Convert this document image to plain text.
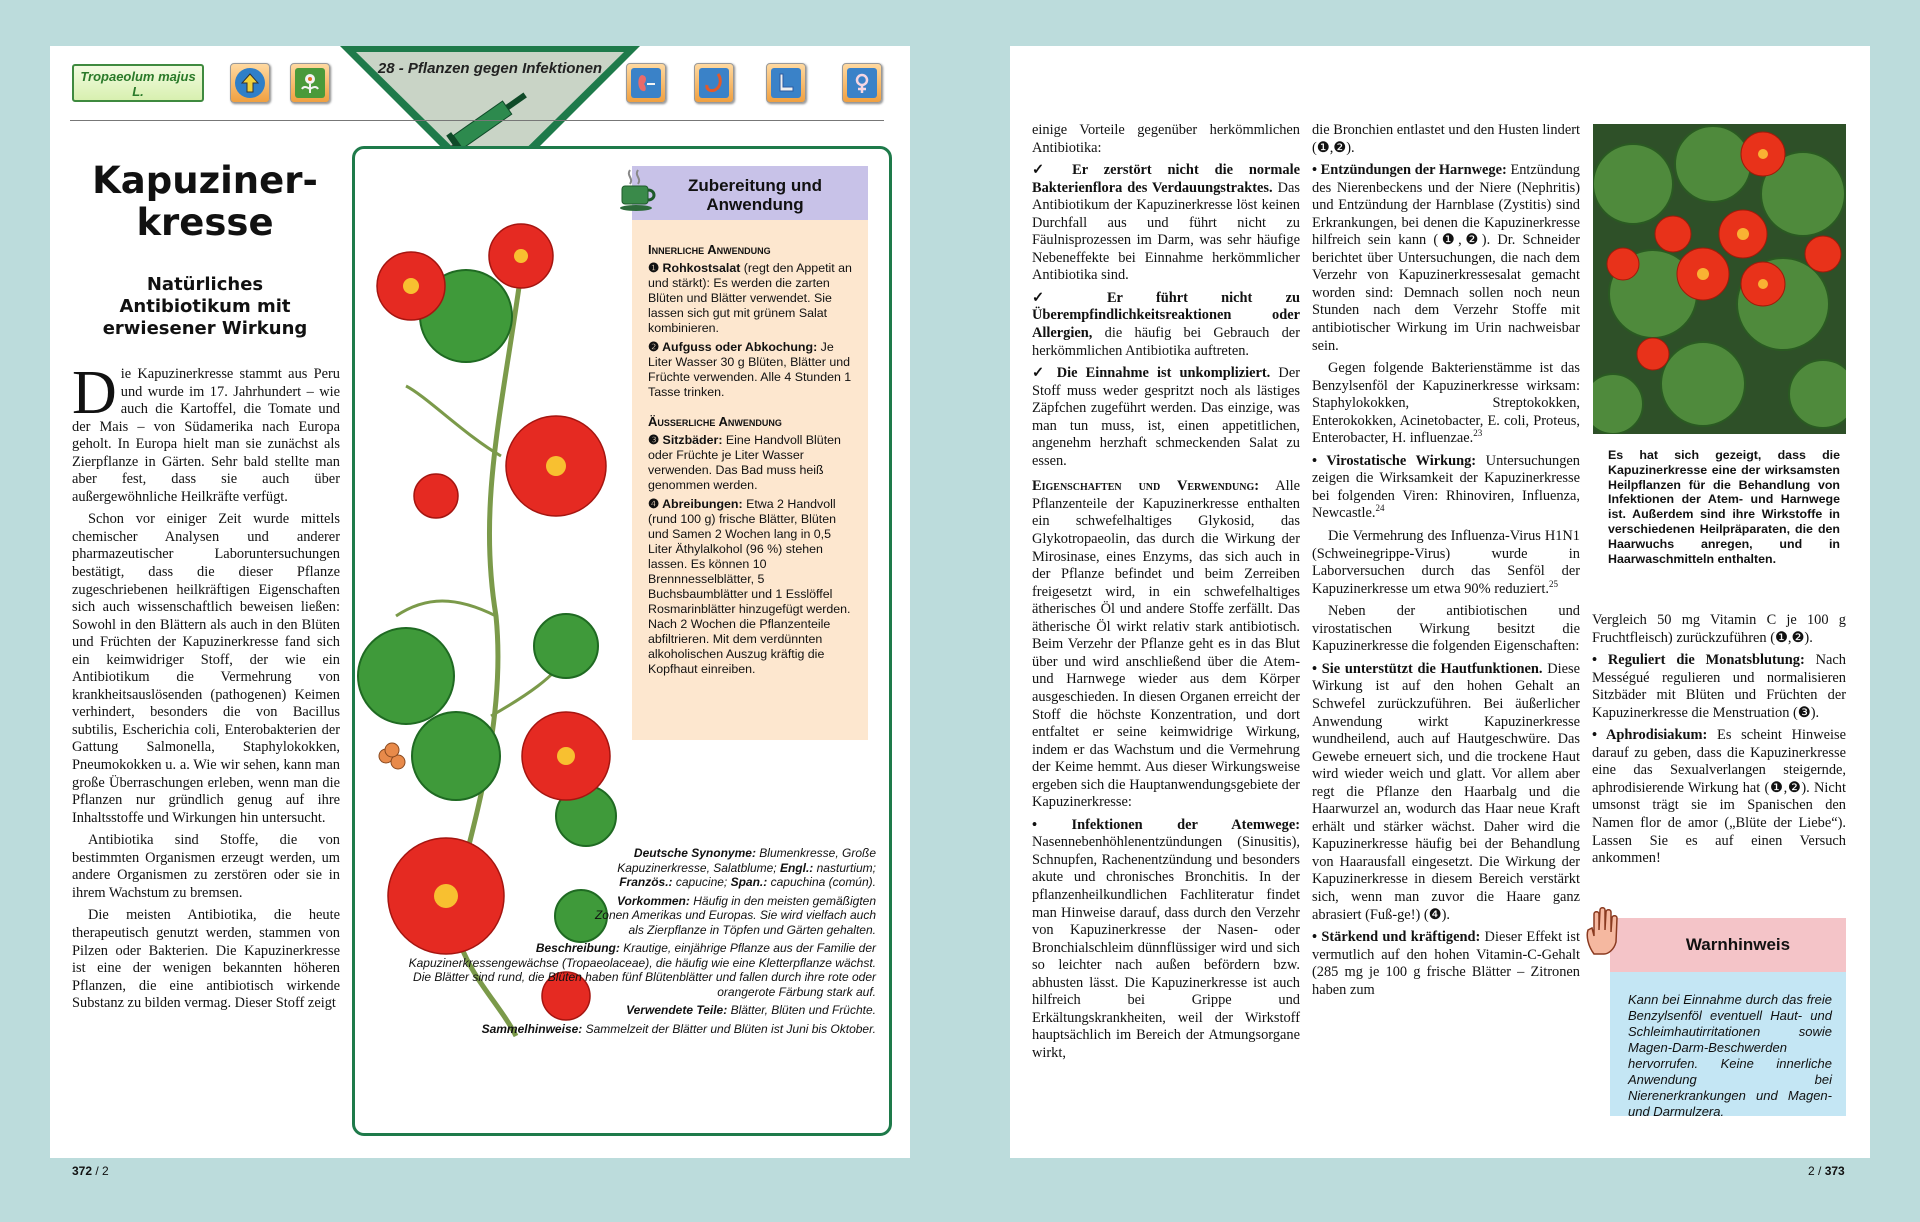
Tropaeolum majus L.
28 - Pflanzen gegen Infektionen
Kapuziner-kresse
Natürliches Antibiotikum mit erwiesener Wirkung

Die Kapuzinerkresse stammt aus Peru und wurde im 17. Jahrhundert – wie auch die Kartoffel, die Tomate und der Mais – von Südamerika nach Europa geholt. In Europa hielt man sie zunächst als Zierpflanze in Gärten. Sehr bald stellte man aber fest, dass sie auch über außergewöhnliche Heilkräfte verfügt.

Schon vor einiger Zeit wurde mittels chemischer Analysen und anderer pharmazeutischer Laboruntersuchungen bestätigt, dass die dieser Pflanze zugeschriebenen heilkräftigen Eigenschaften sich auch wissenschaftlich beweisen ließen: Sowohl in den Blättern als auch in den Blüten und Früchten der Kapuzinerkresse fand sich ein keimwidriger Stoff, der wie ein Antibiotikum die Vermehrung von krankheitsauslösenden (pathogenen) Keimen verhindert, besonders die von Bacillus subtilis, Escherichia coli, Enterobakterien der Gattung Salmonella, Staphylokokken, Pneumokokken u. a. Wie wir sehen, kann man große Überraschungen erleben, wenn man die Pflanzen nur gründlich genug auf ihre Inhaltsstoffe und Wirkungen hin untersucht.

Antibiotika sind Stoffe, die von bestimmten Organismen erzeugt werden, um andere Organismen zu zerstören oder sie in ihrem Wachstum zu bremsen.

Die meisten Antibiotika, die heute therapeutisch genutzt werden, stammen von Pilzen oder Bakterien. Die Kapuzinerkresse ist eine der wenigen bekannten höheren Pflanzen, die eine antibiotisch wirkende Substanz zu bilden vermag. Dieser Stoff zeigt

Zubereitung und Anwendung
Innerliche Anwendung
❶ Rohkostsalat (regt den Appetit an und stärkt): Es werden die zarten Blüten und Blätter verwendet. Sie lassen sich gut mit grünem Salat kombinieren.
❷ Aufguss oder Abkochung: Je Liter Wasser 30 g Blüten, Blätter und Früchte verwenden. Alle 4 Stunden 1 Tasse trinken.
Äusserliche Anwendung
❸ Sitzbäder: Eine Handvoll Blüten oder Früchte je Liter Wasser verwenden. Das Bad muss heiß genommen werden.
❹ Abreibungen: Etwa 2 Handvoll (rund 100 g) frische Blätter, Blüten und Samen 2 Wochen lang in 0,5 Liter Äthylalkohol (96 %) stehen lassen. Es können 10 Brennnesselblätter, 5 Buchsbaumblätter und 1 Esslöffel Rosmarinblätter hinzugefügt werden. Nach 2 Wochen die Pflanzenteile abfiltrieren. Mit dem verdünnten alkoholischen Auszug kräftig die Kopfhaut einreiben.
Deutsche Synonyme: Blumenkresse, Große Kapuzinerkresse, Salatblume; Engl.: nasturtium; Französ.: capucine; Span.: capuchina (común).
Vorkommen: Häufig in den meisten gemäßigten Zonen Amerikas und Europas. Sie wird vielfach auch als Zierpflanze in Töpfen und Gärten gehalten.
Beschreibung: Krautige, einjährige Pflanze aus der Familie der Kapuzinerkressengewächse (Tropaeolaceae), die häufig wie eine Kletterpflanze wächst. Die Blätter sind rund, die Blüten haben fünf Blütenblätter und fallen durch ihre rote oder orangerote Färbung stark auf.
Verwendete Teile: Blätter, Blüten und Früchte.
Sammelhinweise: Sammelzeit der Blätter und Blüten ist Juni bis Oktober.
372 / 2

einige Vorteile gegenüber herkömmlichen Antibiotika:

✓ Er zerstört nicht die normale Bakterienflora des Verdauungstraktes. Das Antibiotikum der Kapuzinerkresse löst keinen Durchfall aus und führt nicht zu Fäulnisprozessen im Darm, was sehr häufige Nebeneffekte bei Einnahme herkömmlicher Antibiotika sind.

✓ Er führt nicht zu Überempfindlichkeitsreaktionen oder Allergien, die häufig bei Gebrauch der herkömmlichen Antibiotika auftreten.

✓ Die Einnahme ist unkompliziert. Der Stoff muss weder gespritzt noch als lästiges Zäpfchen zugeführt werden. Das einzige, was man tun muss, ist, einen appetitlichen, angenehm herzhaft schmeckenden Salat zu essen.

Eigenschaften und Verwendung: Alle Pflanzenteile der Kapuzinerkresse enthalten ein schwefelhaltiges Glykosid, das Glykotropaeolin, das durch die Wirkung der Mirosinase, eines Enzyms, das sich auch in der Pflanze befindet und beim Zerreiben freigesetzt wird, in ein schwefelhaltiges ätherisches Öl und andere Stoffe zerfällt. Das ätherische Öl wirkt relativ stark antibiotisch. Beim Verzehr der Pflanze geht es in das Blut über und wird anschließend über die Atem- und Harnwege wieder aus dem Körper ausgeschieden. In diesen Organen erreicht der Stoff die höchste Konzentration, und dort entfaltet er seine keimwidrige Wirkung, indem er das Wachstum und die Vermehrung der Keime hemmt. Aus dieser Wirkungsweise ergeben sich die Hauptanwendungsgebiete der Kapuzinerkresse:

• Infektionen der Atemwege: Nasennebenhöhlenentzündungen (Sinusitis), Schnupfen, Rachenentzündung und besonders akute und chronisches Bronchitis. In der pflanzenheilkundlichen Fachliteratur findet man Hinweise darauf, dass durch den Verzehr von Kapuzinerkresse der Nasen- oder Bronchialschleim dünnflüssiger wird und sich so leichter nach außen befördern bzw. abhusten lässt. Die Kapuzinerkresse ist auch hilfreich bei Grippe und Erkältungskrankheiten, weil der Wirkstoff hauptsächlich im Bereich der Atmungsorgane wirkt,

die Bronchien entlastet und den Husten lindert (❶,❷).

• Entzündungen der Harnwege: Entzündung des Nierenbeckens und der Niere (Nephritis) und Entzündung der Harnblase (Zystitis) sind Erkrankungen, bei denen die Kapuzinerkresse hilfreich sein kann (❶,❷). Dr. Schneider berichtet über Untersuchungen, die nach dem Verzehr von Kapuzinerkressesalat gemacht worden sind: Demnach sollen noch neun Stunden nach dem Verzehr Stoffe mit antibiotischer Wirkung im Urin nachweisbar sein.

Gegen folgende Bakterienstämme ist das Benzylsenföl der Kapuzinerkresse wirksam: Staphylokokken, Streptokokken, Enterokokken, Acinetobacter, E. coli, Proteus, Enterobacter, H. influenzae.$^{23}$

• Virostatische Wirkung: Untersuchungen zeigen die Wirksamkeit der Kapuzinerkresse bei folgenden Viren: Rhinoviren, Influenza, Newcastle.$^{24}$

Die Vermehrung des Influenza-Virus H1N1 (Schweinegrippe-Virus) wurde in Laborversuchen durch das Senföl der Kapuzinerkresse um etwa 90% reduziert.$^{25}$

Neben der antibiotischen und virostatischen Wirkung besitzt die Kapuzinerkresse die folgenden Eigenschaften:

• Sie unterstützt die Hautfunktionen. Diese Wirkung ist auf den hohen Gehalt an Schwefel zurückzuführen. Bei äußerlicher Anwendung wirkt Kapuzinerkresse wundheilend, auch auf Hautgeschwüre. Das Gewebe erneuert sich, und die trockene Haut wird wieder weich und glatt. Vor allem aber regt die Pflanze den Haarbalg und die Haarwurzel an, wodurch das Haar neue Kraft erhält und stärker wächst. Daher wird die Kapuzinerkresse häufig bei der Behandlung von Haarausfall eingesetzt. Die Wirkung der Kapuzinerkresse in diesem Bereich verstärkt sich, wenn man zuvor die Haare ganz abrasiert (Fuß-ge!) (❹).

• Stärkend und kräftigend: Dieser Effekt ist vermutlich auf den hohen Vitamin-C-Gehalt (285 mg je 100 g frische Blätter – Zitronen haben zum

Es hat sich gezeigt, dass die Kapuzinerkresse eine der wirksamsten Heilpflanzen für die Behandlung von Infektionen der Atem- und Harnwege ist. Außerdem sind ihre Wirkstoffe in verschiedenen Heilpräparaten, die den Haarwuchs anregen, und in Haarwaschmitteln enthalten.

Vergleich 50 mg Vitamin C je 100 g Fruchtfleisch) zurückzuführen (❶,❷).

• Reguliert die Monatsblutung: Nach Mességué regulieren und normalisieren Sitzbäder mit Blüten und Früchten der Kapuzinerkresse die Menstruation (❸).

• Aphrodisiakum: Es scheint Hinweise darauf zu geben, dass die Kapuzinerkresse eine das Sexualverlangen steigernde, aphrodisierende Wirkung hat (❶,❷). Nicht umsonst trägt sie im Spanischen den Namen flor de amor („Blüte der Liebe“). Lassen Sie es auf einen Versuch ankommen!

Warnhinweis
Kann bei Einnahme durch das freie Benzylsenföl eventuell Haut- und Schleimhautirritationen sowie Magen-Darm-Beschwerden hervorrufen. Keine innerliche Anwendung bei Nierenerkrankungen und Magen- und Darmulzera.
2 / 373
